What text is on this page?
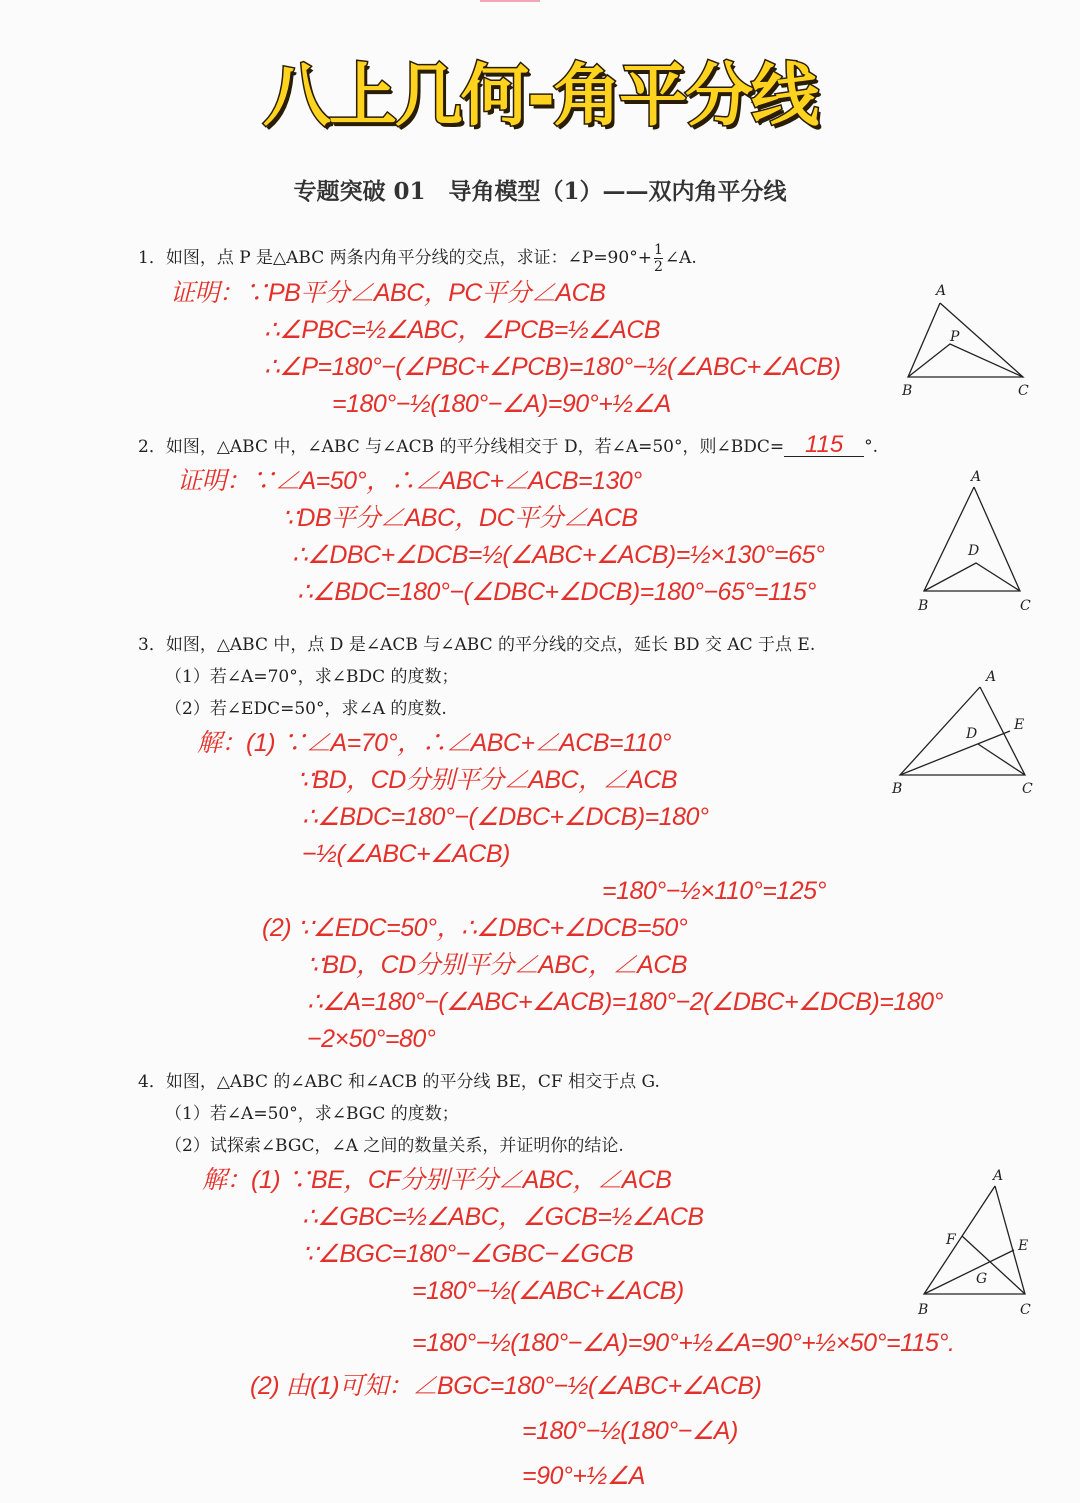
八上几何-角平分线
专题突破 01　导角模型（1）——双内角平分线
1．如图，点 P 是△ABC 两条内角平分线的交点，求证：∠P=90°+ $\frac{1}{2}$ ∠A.
A
P
B	C
证明：∵PB平分∠ABC，PC平分∠ACB
∴∠PBC=½∠ABC，∠PCB=½∠ACB
∴∠P=180°−(∠PBC+∠PCB)=180°−½(∠ABC+∠ACB)
=180°−½(180°−∠A)=90°+½∠A
2．如图，△ABC 中，∠ABC 与∠ACB 的平分线相交于 D，若∠A=50°，则∠BDC= 115 °.
A
D
B	C
证明：∵∠A=50°，∴∠ABC+∠ACB=130°
∵DB平分∠ABC，DC平分∠ACB
∴∠DBC+∠DCB=½(∠ABC+∠ACB)=½×130°=65°
∴∠BDC=180°−(∠DBC+∠DCB)=180°−65°=115°
3．如图，△ABC 中，点 D 是∠ACB 与∠ABC 的平分线的交点，延长 BD 交 AC 于点 E.
A
D
E
B	C
（1）若∠A=70°，求∠BDC 的度数；
（2）若∠EDC=50°，求∠A 的度数.
解：(1) ∵∠A=70°，∴∠ABC+∠ACB=110°
∵BD，CD分别平分∠ABC，∠ACB
∴∠BDC=180°−(∠DBC+∠DCB)=180°−½(∠ABC+∠ACB)
=180°−½×110°=125°
(2) ∵∠EDC=50°，∴∠DBC+∠DCB=50°
∵BD，CD分别平分∠ABC，∠ACB
∴∠A=180°−(∠ABC+∠ACB)=180°−2(∠DBC+∠DCB)=180°−2×50°=80°
4．如图，△ABC 的∠ABC 和∠ACB 的平分线 BE，CF 相交于点 G.
（1）若∠A=50°，求∠BGC 的度数；
（2）试探索∠BGC，∠A 之间的数量关系，并证明你的结论.
A
F	E
G
B	C
解：(1) ∵BE，CF分别平分∠ABC，∠ACB
∴∠GBC=½∠ABC，∠GCB=½∠ACB
∵∠BGC=180°−∠GBC−∠GCB
=180°−½(∠ABC+∠ACB)
=180°−½(180°−∠A)=90°+½∠A=90°+½×50°=115°.
(2) 由(1)可知：∠BGC=180°−½(∠ABC+∠ACB)
=180°−½(180°−∠A)
=90°+½∠A
